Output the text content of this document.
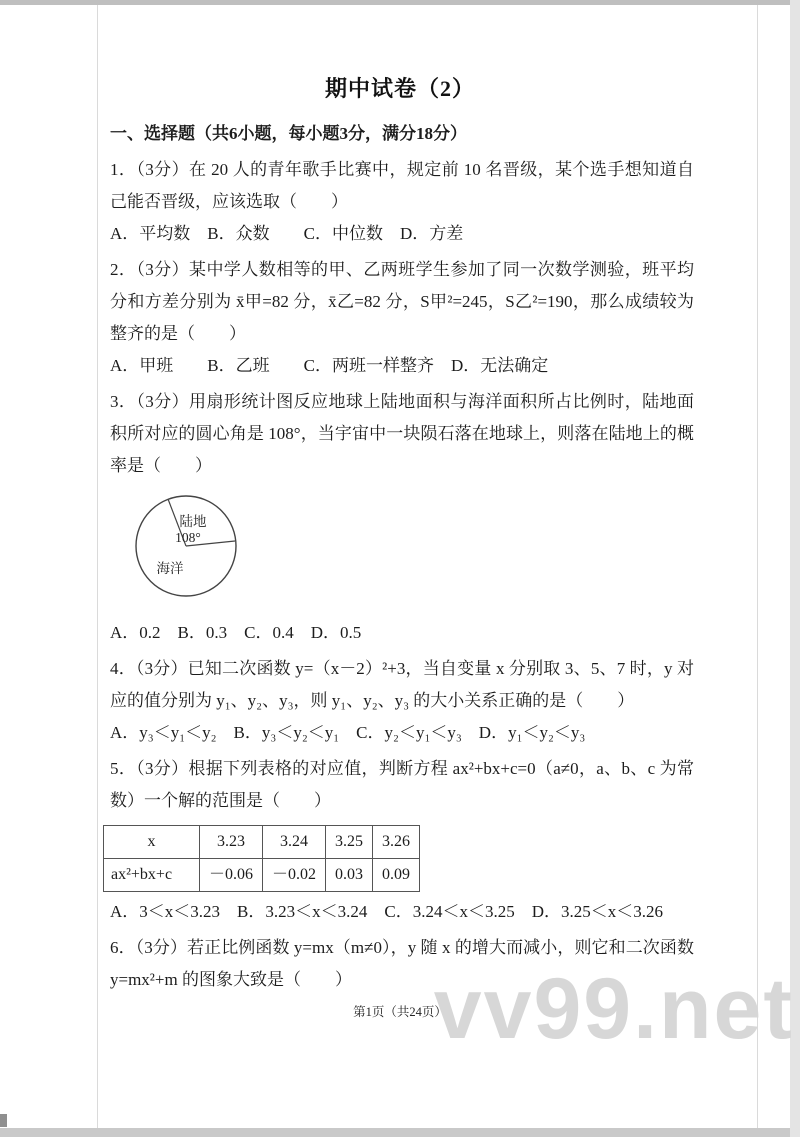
期中试卷（2）

一、选择题（共6小题，每小题3分，满分18分）

1．（3分）在 20 人的青年歌手比赛中，规定前 10 名晋级，某个选手想知道自己能否晋级，应该选取（　　）

A．平均数　B．众数　　C．中位数　D．方差

2．（3分）某中学人数相等的甲、乙两班学生参加了同一次数学测验，班平均分和方差分别为 x̄甲=82 分，x̄乙=82 分，S甲²=245，S乙²=190，那么成绩较为整齐的是（　　）

A．甲班　　B．乙班　　C．两班一样整齐　D．无法确定

3．（3分）用扇形统计图反应地球上陆地面积与海洋面积所占比例时，陆地面积所对应的圆心角是 108°，当宇宙中一块陨石落在地球上，则落在陆地上的概率是（　　）

陆地
108°
海洋

A．0.2　B．0.3　C．0.4　D．0.5

4．（3分）已知二次函数 y=（x－2）²+3，当自变量 x 分别取 3、5、7 时，y 对应的值分别为 y₁、y₂、y₃，则 y₁、y₂、y₃ 的大小关系正确的是（　　）

A．y₃＜y₁＜y₂　B．y₃＜y₂＜y₁　C．y₂＜y₁＜y₃　D．y₁＜y₂＜y₃

5．（3分）根据下列表格的对应值，判断方程 ax²+bx+c=0（a≠0，a、b、c 为常数）一个解的范围是（　　）

x	3.23	3.24	3.25	3.26
ax²+bx+c	－0.06	－0.02	0.03	0.09

A．3＜x＜3.23　B．3.23＜x＜3.24　C．3.24＜x＜3.25　D．3.25＜x＜3.26

6．（3分）若正比例函数 y=mx（m≠0），y 随 x 的增大而减小，则它和二次函数 y=mx²+m 的图象大致是（　　） vv99.net
第1页（共24页）
